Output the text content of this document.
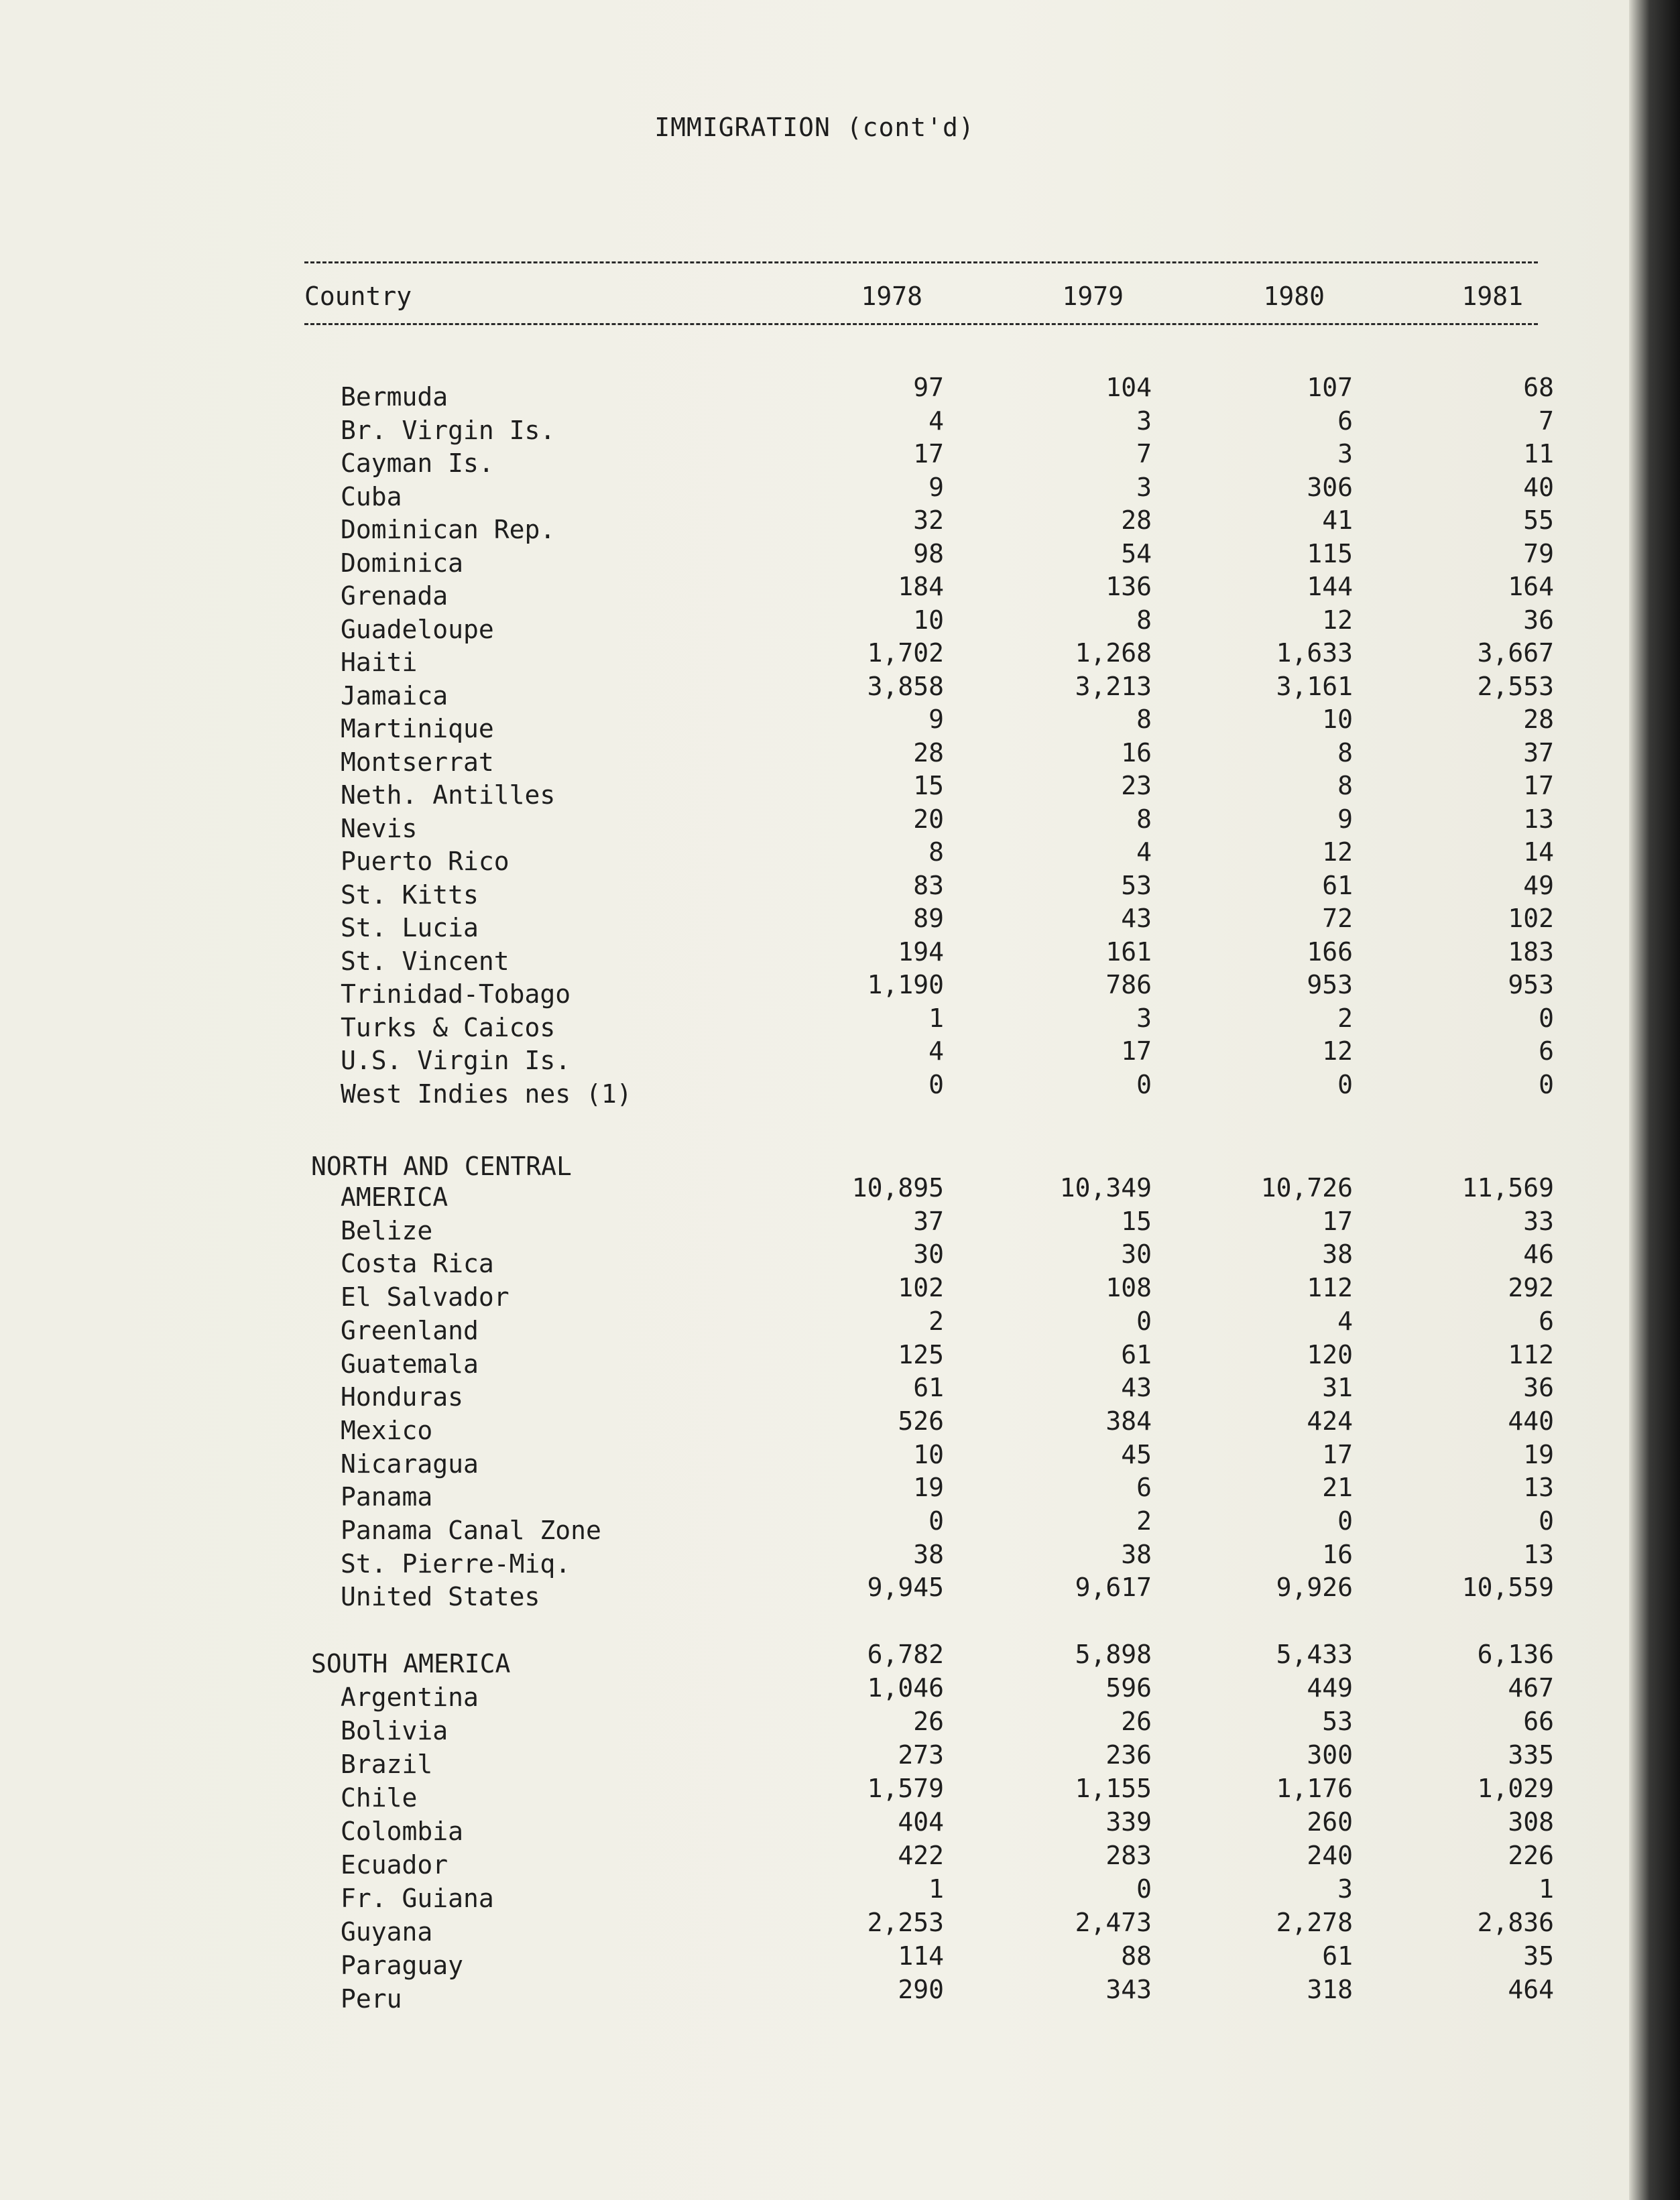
IMMIGRATION (cont'd)
Country	1978	1979	1980	1981
Bermuda	97	104	107	68
Br. Virgin Is.	4	3	6	7
Cayman Is.	17	7	3	11
Cuba	9	3	306	40
Dominican Rep.	32	28	41	55
Dominica	98	54	115	79
Grenada	184	136	144	164
Guadeloupe	10	8	12	36
Haiti	1,702	1,268	1,633	3,667
Jamaica	3,858	3,213	3,161	2,553
Martinique	9	8	10	28
Montserrat	28	16	8	37
Neth. Antilles	15	23	8	17
Nevis	20	8	9	13
Puerto Rico	8	4	12	14
St. Kitts	83	53	61	49
St. Lucia	89	43	72	102
St. Vincent	194	161	166	183
Trinidad-Tobago	1,190	786	953	953
Turks & Caicos	1	3	2	0
U.S. Virgin Is.	4	17	12	6
West Indies nes (1)	0	0	0	0
NORTH AND CENTRAL
AMERICA	10,895	10,349	10,726	11,569
Belize	37	15	17	33
Costa Rica	30	30	38	46
El Salvador	102	108	112	292
Greenland	2	0	4	6
Guatemala	125	61	120	112
Honduras	61	43	31	36
Mexico	526	384	424	440
Nicaragua	10	45	17	19
Panama	19	6	21	13
Panama Canal Zone	0	2	0	0
St. Pierre-Miq.	38	38	16	13
United States	9,945	9,617	9,926	10,559
SOUTH AMERICA	6,782	5,898	5,433	6,136
Argentina	1,046	596	449	467
Bolivia	26	26	53	66
Brazil	273	236	300	335
Chile	1,579	1,155	1,176	1,029
Colombia	404	339	260	308
Ecuador	422	283	240	226
Fr. Guiana	1	0	3	1
Guyana	2,253	2,473	2,278	2,836
Paraguay	114	88	61	35
Peru	290	343	318	464
